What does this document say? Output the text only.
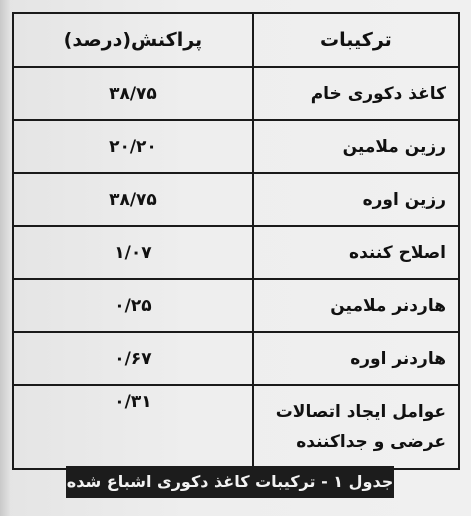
ترکیبات	پراکنش(درصد)
کاغذ دکوری خام	۳۸/۷۵
رزین ملامین	۲۰/۲۰
رزین اوره	۳۸/۷۵
اصلاح کننده	۱/۰۷
هاردنر ملامین	۰/۲۵
هاردنر اوره	۰/۶۷

عوامل ایجاد اتصالات
عرضی و جداکننده	۰/۳۱
جدول ۱ - ترکیبات کاغذ دکوری اشباع شده
